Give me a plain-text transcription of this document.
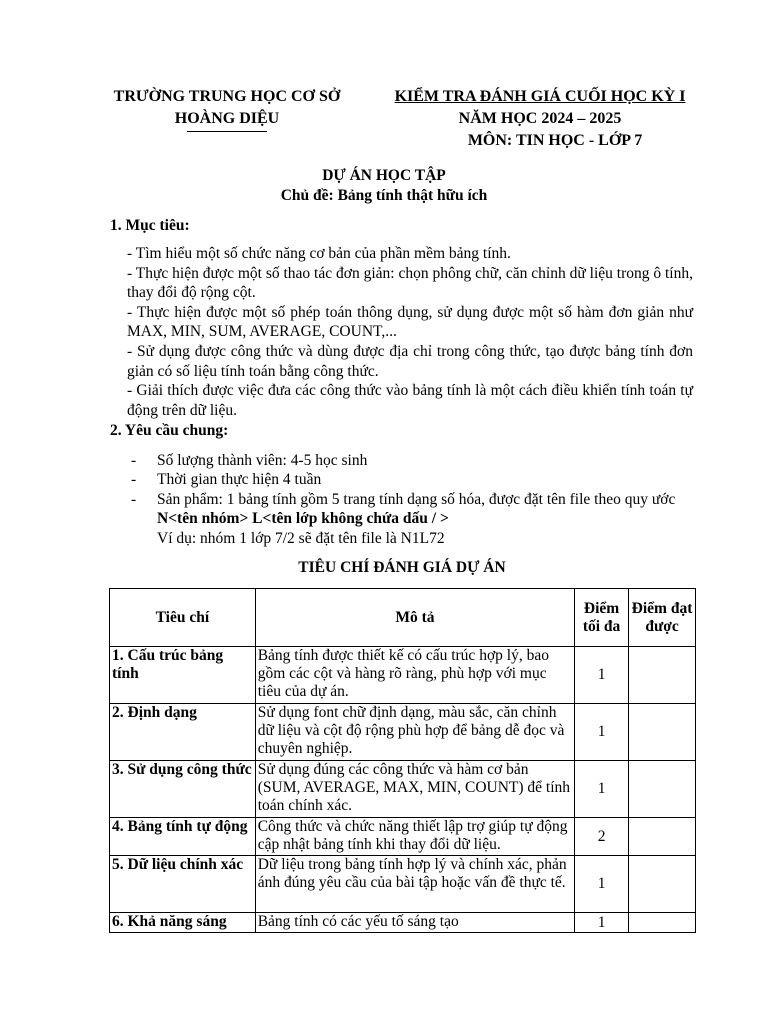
TRƯỜNG TRUNG HỌC CƠ SỞ
HOÀNG DIỆU
KIỂM TRA ĐÁNH GIÁ CUỐI HỌC KỲ I
NĂM HỌC 2024 – 2025
MÔN: TIN HỌC - LỚP 7
DỰ ÁN HỌC TẬP
Chủ đề: Bảng tính thật hữu ích
1. Mục tiêu:

- Tìm hiểu một số chức năng cơ bản của phần mềm bảng tính.

- Thực hiện được một số thao tác đơn giản: chọn phông chữ, căn chỉnh dữ liệu trong ô tính, thay đổi độ rộng cột.

- Thực hiện được một số phép toán thông dụng, sử dụng được một số hàm đơn giản như MAX, MIN, SUM, AVERAGE, COUNT,...

- Sử dụng được công thức và dùng được địa chỉ trong công thức, tạo được bảng tính đơn giản có số liệu tính toán bằng công thức.

- Giải thích được việc đưa các công thức vào bảng tính là một cách điều khiển tính toán tự động trên dữ liệu.

2. Yêu cầu chung:
- Số lượng thành viên: 4-5 học sinh
- Thời gian thực hiện 4 tuần
- Sản phẩm: 1 bảng tính gồm 5 trang tính dạng số hóa, được đặt tên file theo quy ước N<tên nhóm> L<tên lớp không chứa dấu / >
Ví dụ: nhóm 1 lớp 7/2 sẽ đặt tên file là N1L72
TIÊU CHÍ ĐÁNH GIÁ DỰ ÁN
Tiêu chí	Mô tả	Điểm tối đa	Điểm đạt được
1. Cấu trúc bảng tính	Bảng tính được thiết kế có cấu trúc hợp lý, bao gồm các cột và hàng rõ ràng, phù hợp với mục tiêu của dự án.	1	
2. Định dạng	Sử dụng font chữ định dạng, màu sắc, căn chỉnh dữ liệu và cột độ rộng phù hợp để bảng dễ đọc và chuyên nghiệp.	1	
3. Sử dụng công thức	Sử dụng đúng các công thức và hàm cơ bản (SUM, AVERAGE, MAX, MIN, COUNT) để tính toán chính xác.	1	
4. Bảng tính tự động	Công thức và chức năng thiết lập trợ giúp tự động cập nhật bảng tính khi thay đổi dữ liệu.	2	
5. Dữ liệu chính xác	Dữ liệu trong bảng tính hợp lý và chính xác, phản ánh đúng yêu cầu của bài tập hoặc vấn đề thực tế.	1	
6. Khả năng sáng	Bảng tính có các yếu tố sáng tạo	1	
